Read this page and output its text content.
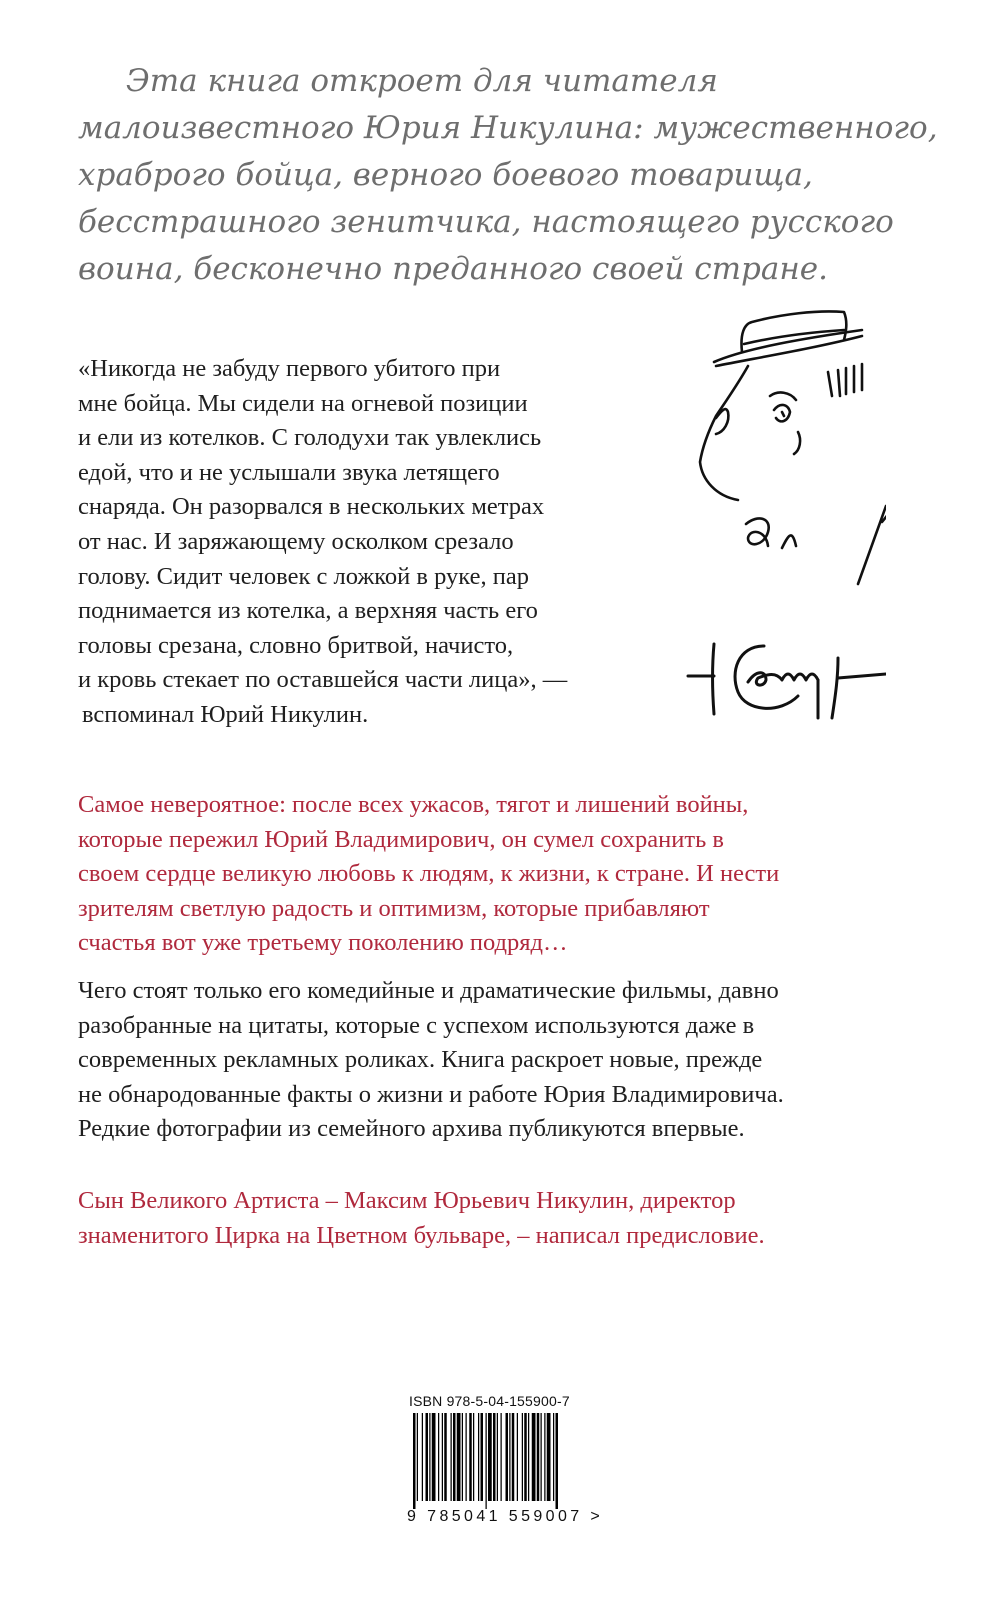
Эта книга откроет для читателя
малоизвестного Юрия Никулина: мужественного,
храброго бойца, верного боевого товарища,
бесстрашного зенитчика, настоящего русского
воина, бесконечно преданного своей стране.
«Никогда не забуду первого убитого при
мне бойца. Мы сидели на огневой позиции
и ели из котелков. С голодухи так увлеклись
едой, что и не услышали звука летящего
снаряда. Он разорвался в нескольких метрах
от нас. И заряжающему осколком срезало
голову. Сидит человек с ложкой в руке, пар
поднимается из котелка, а верхняя часть его
головы срезана, словно бритвой, начисто,
и кровь стекает по оставшейся части лица», —
вспоминал Юрий Никулин.
Самое невероятное: после всех ужасов, тягот и лишений войны,
которые пережил Юрий Владимирович, он сумел сохранить в
своем сердце великую любовь к людям, к жизни, к стране. И нести
зрителям светлую радость и оптимизм, которые прибавляют
счастья вот уже третьему поколению подряд…
Чего стоят только его комедийные и драматические фильмы, давно
разобранные на цитаты, которые с успехом используются даже в
современных рекламных роликах. Книга раскроет новые, прежде
не обнародованные факты о жизни и работе Юрия Владимировича.
Редкие фотографии из семейного архива публикуются впервые.
Сын Великого Артиста – Максим Юрьевич Никулин, директор
знаменитого Цирка на Цветном бульваре, – написал предисловие.
ISBN 978-5-04-155900-7
9 785041 559007 >
